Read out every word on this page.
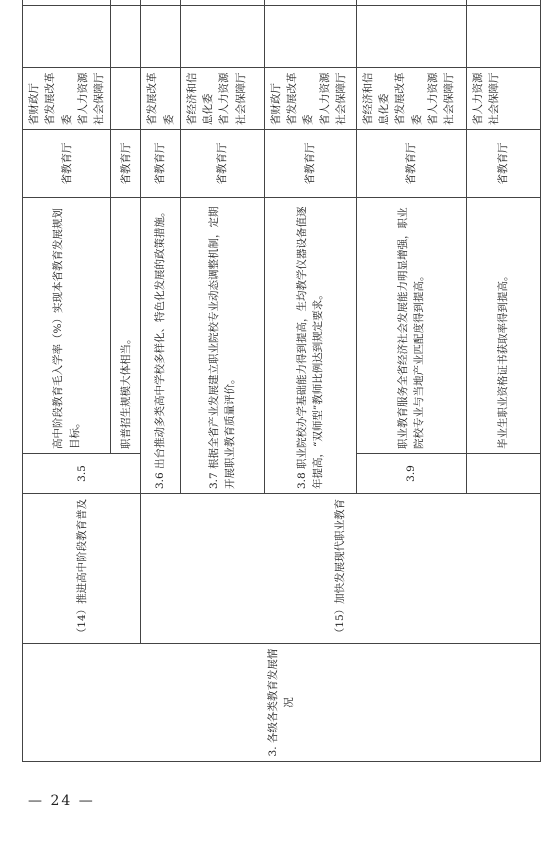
3. 各级各类教育发展情况	（14）推进高中阶段教育普及	3.5	高中阶段教育毛入学率（%）实现本省教育发展规划目标。	省教育厅	省财政厅
省发展改革委
省人力资源社会保障厅			
			职普招生规模大体相当。	省教育厅				
	（15）加快发展现代职业教育	3.6 出台推动多类高中学校多样化、特色化发展的政策措施。		省教育厅	省发展改革委			
		3.7 根据全省产业发展建立职业院校专业动态调整机制，定期开展职业教育质量评价。		省教育厅	省经济和信息化委
省人力资源社会保障厅			
		3.8 职业院校办学基础能力得到提高，生均教学仪器设备值逐年提高，“双师型”教师比例达到规定要求。		省教育厅	省财政厅
省发展改革委
省人力资源社会保障厅			
		3.9	职业教育服务全省经济社会发展能力明显增强，职业院校专业与当地产业匹配度得到提高。	省教育厅	省经济和信息化委
省发展改革委
省人力资源社会保障厅			
			毕业生职业资格证书获取率得到提高。	省教育厅	省人力资源社会保障厅			
— 24 —
